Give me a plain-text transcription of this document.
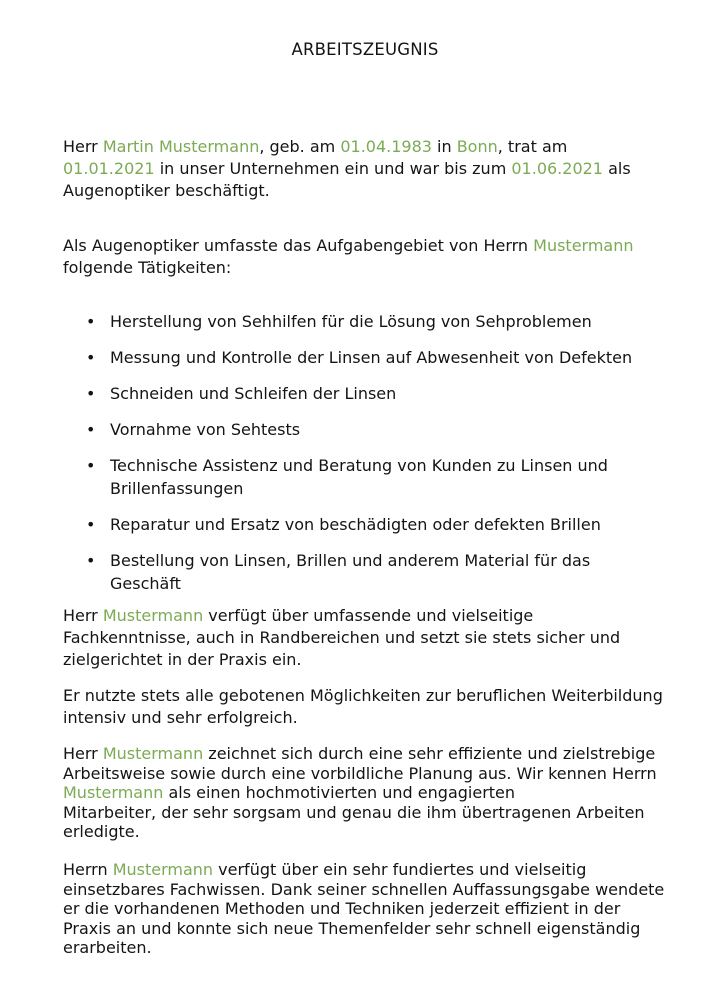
ARBEITSZEUGNIS

Herr Martin Mustermann, geb. am 01.04.1983 in Bonn, trat am
01.01.2021 in unser Unternehmen ein und war bis zum 01.06.2021 als
Augenoptiker beschäftigt.

Als Augenoptiker umfasste das Aufgabengebiet von Herrn Mustermann
folgende Tätigkeiten:

• Herstellung von Sehhilfen für die Lösung von Sehproblemen
• Messung und Kontrolle der Linsen auf Abwesenheit von Defekten
• Schneiden und Schleifen der Linsen
• Vornahme von Sehtests
• Technische Assistenz und Beratung von Kunden zu Linsen und
Brillenfassungen
• Reparatur und Ersatz von beschädigten oder defekten Brillen
• Bestellung von Linsen, Brillen und anderem Material für das
Geschäft

Herr Mustermann verfügt über umfassende und vielseitige
Fachkenntnisse, auch in Randbereichen und setzt sie stets sicher und
zielgerichtet in der Praxis ein.

Er nutzte stets alle gebotenen Möglichkeiten zur beruflichen Weiterbildung
intensiv und sehr erfolgreich.

Herr Mustermann zeichnet sich durch eine sehr effiziente und zielstrebige
Arbeitsweise sowie durch eine vorbildliche Planung aus. Wir kennen Herrn
Mustermann als einen hochmotivierten und engagierten
Mitarbeiter, der sehr sorgsam und genau die ihm übertragenen Arbeiten
erledigte.

Herrn Mustermann verfügt über ein sehr fundiertes und vielseitig
einsetzbares Fachwissen. Dank seiner schnellen Auffassungsgabe wendete
er die vorhandenen Methoden und Techniken jederzeit effizient in der
Praxis an und konnte sich neue Themenfelder sehr schnell eigenständig
erarbeiten.
